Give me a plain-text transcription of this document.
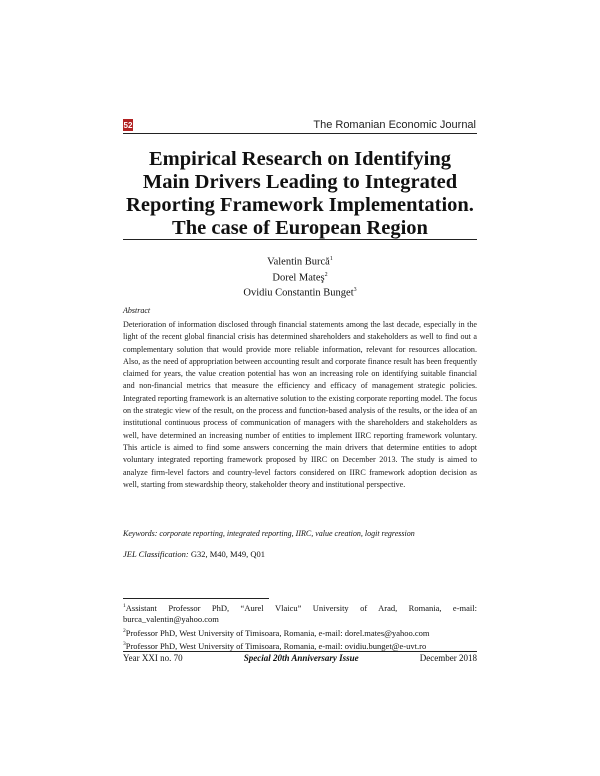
52	The Romanian Economic Journal
Empirical Research on Identifying
Main Drivers Leading to Integrated
Reporting Framework Implementation.
The case of European Region
Valentin Burcă$^1$
Dorel Mateş$^2$
Ovidiu Constantin Bunget$^3$
Abstract

Deterioration of information disclosed through financial statements among the last decade, especially in the light of the recent global financial crisis has determined shareholders and stakeholders as well to find out a complementary solution that would provide more reliable information, relevant for resources allocation. Also, as the need of appropriation between accounting result and corporate finance result has been frequently claimed for years, the value creation potential has won an increasing role on identifying suitable financial and non-financial metrics that measure the efficiency and efficacy of management strategic policies. Integrated reporting framework is an alternative solution to the existing corporate reporting model. The focus on the strategic view of the result, on the process and function-based analysis of the results, or the idea of an institutional continuous process of communication of managers with the shareholders and stakeholders as well, have determined an increasing number of entities to implement IIRC reporting framework voluntary. This article is aimed to find some answers concerning the main drivers that determine entities to adopt voluntary integrated reporting framework proposed by IIRC on December 2013. The study is aimed to analyze firm-level factors and country-level factors considered on IIRC framework adoption decision as well, starting from stewardship theory, stakeholder theory and institutional perspective.

Keywords: corporate reporting, integrated reporting, IIRC, value creation, logit regression
JEL Classification: G32, M40, M49, Q01
$^1$Assistant Professor PhD, “Aurel Vlaicu” University of Arad, Romania, e-mail: burca_valentin@yahoo.com
$^2$Professor PhD, West University of Timisoara, Romania, e-mail: dorel.mates@yahoo.com
$^3$Professor PhD, West University of Timisoara, Romania, e-mail: ovidiu.bunget@e-uvt.ro
Year XXI no. 70	Special 20th Anniversary Issue	December 2018
